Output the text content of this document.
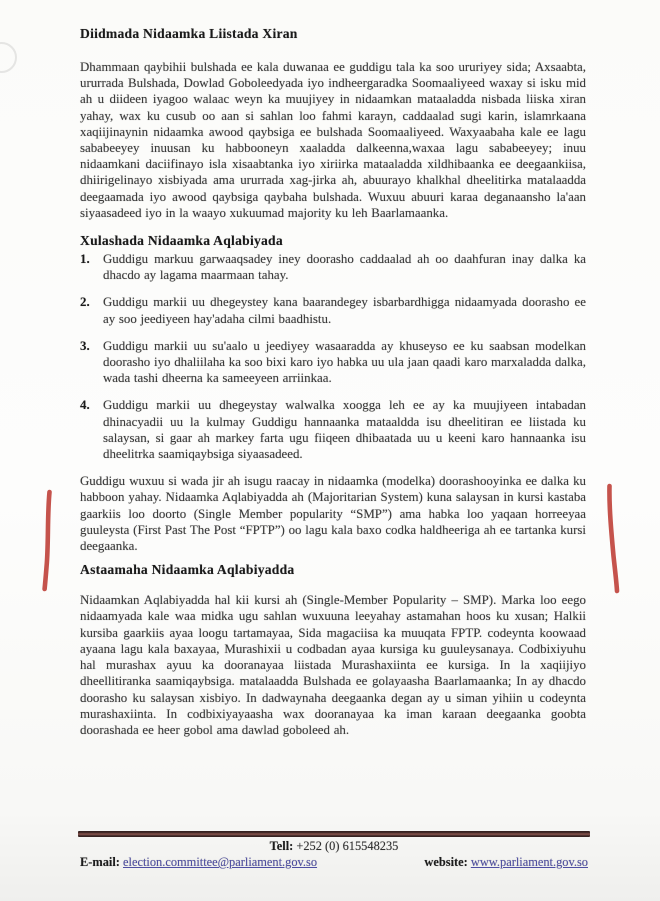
Diidmada Nidaamka Liistada Xiran

Dhammaan qaybihii bulshada ee kala duwanaa ee guddigu tala ka soo ururiyey sida; Axsaabta, ururrada Bulshada, Dowlad Goboleedyada iyo indheergaradka Soomaaliyeed waxay si isku mid ah u diideen iyagoo walaac weyn ka muujiyey in nidaamkan mataaladda nisbada liiska xiran yahay, wax ku cusub oo aan si sahlan loo fahmi karayn, caddaalad sugi karin, islamrkaana xaqiijinaynin nidaamka awood qaybsiga ee bulshada Soomaaliyeed. Waxyaabaha kale ee lagu sababeeyey inuusan ku habbooneyn xaaladda dalkeenna,waxaa lagu sababeeyey; inuu nidaamkani daciifinayo isla xisaabtanka iyo xiriirka mataaladda xildhibaanka ee deegaankiisa, dhiirigelinayo xisbiyada ama ururrada xag-jirka ah, abuurayo khalkhal dheelitirka matalaadda deegaamada iyo awood qaybsiga qaybaha bulshada. Wuxuu abuuri karaa deganaansho la'aan siyaasadeed iyo in la waayo xukuumad majority ku leh Baarlamaanka.

Xulashada Nidaamka Aqlabiyada
1. Guddigu markuu garwaaqsadey iney doorasho caddaalad ah oo daahfuran inay dalka ka dhacdo ay lagama maarmaan tahay.
2. Guddigu markii uu dhegeystey kana baarandegey isbarbardhigga nidaamyada doorasho ee ay soo jeediyeen hay'adaha cilmi baadhistu.
3. Guddigu markii uu su'aalo u jeediyey wasaaradda ay khuseyso ee ku saabsan modelkan doorasho iyo dhaliilaha ka soo bixi karo iyo habka uu ula jaan qaadi karo marxaladda dalka, wada tashi dheerna ka sameeyeen arriinkaa.
4. Guddigu markii uu dhegeystay walwalka xoogga leh ee ay ka muujiyeen intabadan dhinacyadii uu la kulmay Guddigu hannaanka mataaldda isu dheelitiran ee liistada ku salaysan, si gaar ah markey farta ugu fiiqeen dhibaatada uu u keeni karo hannaanka isu dheelitrka saamiqaybsiga siyaasadeed.

Guddigu wuxuu si wada jir ah isugu raacay in nidaamka (modelka) doorashooyinka ee dalka ku habboon yahay. Nidaamka Aqlabiyadda ah (Majoritarian System) kuna salaysan in kursi kastaba gaarkiis loo doorto (Single Member popularity “SMP”) ama habka loo yaqaan horreeyaa guuleysta (First Past The Post “FPTP”) oo lagu kala baxo codka haldheeriga ah ee tartanka kursi deegaanka.

Astaamaha Nidaamka Aqlabiyadda

Nidaamkan Aqlabiyadda hal kii kursi ah (Single-Member Popularity – SMP). Marka loo eego nidaamyada kale waa midka ugu sahlan wuxuuna leeyahay astamahan hoos ku xusan; Halkii kursiba gaarkiis ayaa loogu tartamayaa, Sida magaciisa ka muuqata FPTP. codeynta koowaad ayaana lagu kala baxayaa, Murashixii u codbadan ayaa kursiga ku guuleysanaya. Codbixiyuhu hal murashax ayuu ka dooranayaa liistada Murashaxiinta ee kursiga. In la xaqiijiyo dheellitiranka saamiqaybsiga. matalaadda Bulshada ee golayaasha Baarlamaanka; In ay dhacdo doorasho ku salaysan xisbiyo. In dadwaynaha deegaanka degan ay u siman yihiin u codeynta murashaxiinta. In codbixiyayaasha wax dooranayaa ka iman karaan deegaanka goobta doorashada ee heer gobol ama dawlad goboleed ah.

Tell: +252 (0) 615548235
E-mail: election.committee@parliament.gov.so	website: www.parliament.gov.so
